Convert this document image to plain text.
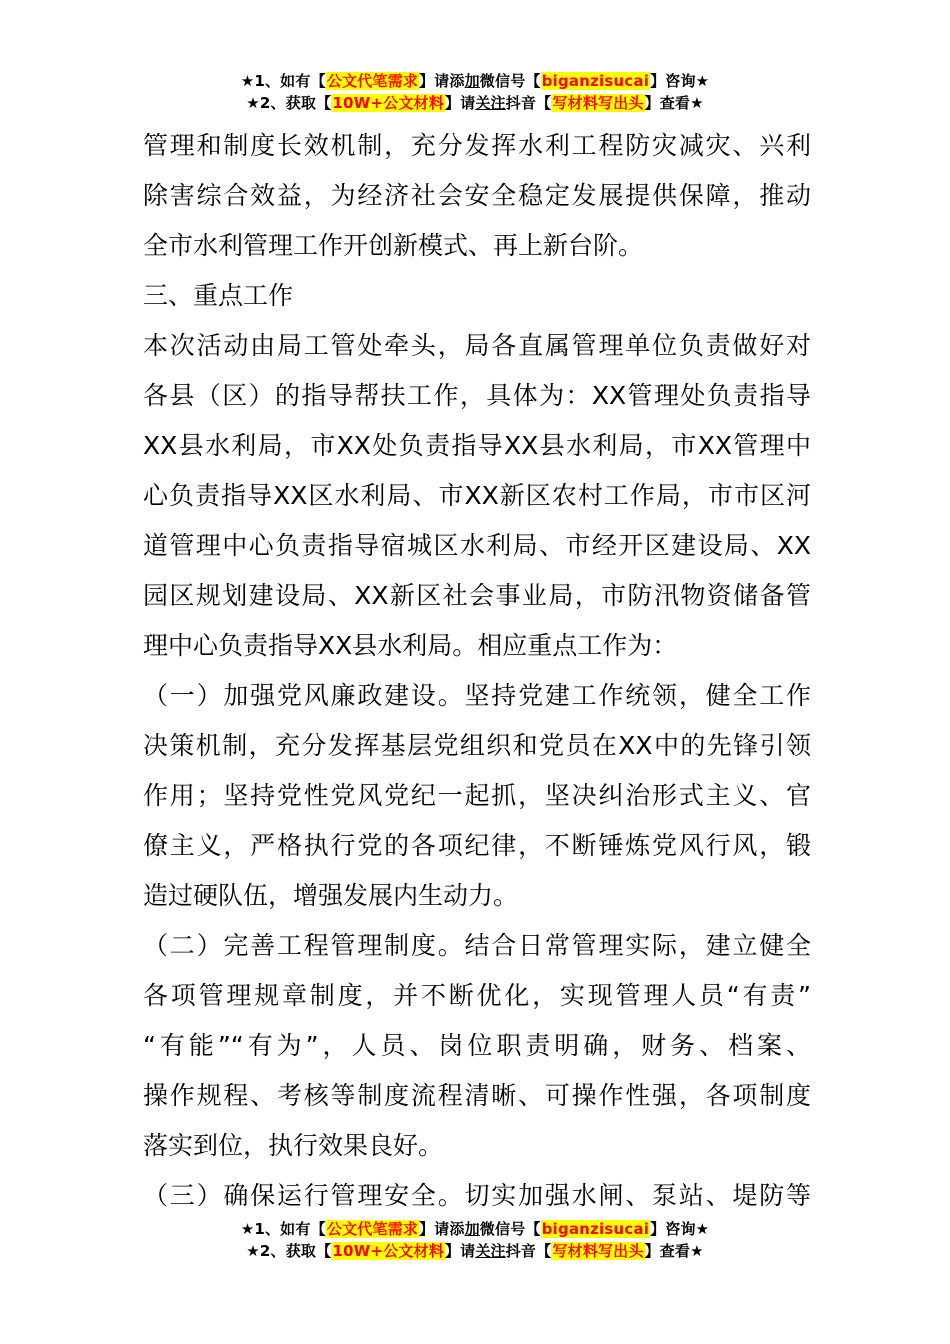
★1、如有【公文代笔需求】请添加微信号【biganzisucai】咨询★
★2、获取【10W+公文材料】请关注抖音【写材料写出头】查看★
管理和制度长效机制，充分发挥水利工程防灾减灾、兴利
除害综合效益，为经济社会安全稳定发展提供保障，推动
全市水利管理工作开创新模式、再上新台阶。
三、重点工作
本次活动由局工管处牵头，局各直属管理单位负责做好对
各县（区）的指导帮扶工作，具体为：XX管理处负责指导
XX县水利局，市XX处负责指导XX县水利局，市XX管理中
心负责指导XX区水利局、市XX新区农村工作局，市市区河
道管理中心负责指导宿城区水利局、市经开区建设局、XX
园区规划建设局、XX新区社会事业局，市防汛物资储备管
理中心负责指导XX县水利局。相应重点工作为：
（一）加强党风廉政建设。坚持党建工作统领，健全工作
决策机制，充分发挥基层党组织和党员在XX中的先锋引领
作用；坚持党性党风党纪一起抓，坚决纠治形式主义、官
僚主义，严格执行党的各项纪律，不断锤炼党风行风，锻
造过硬队伍，增强发展内生动力。
（二）完善工程管理制度。结合日常管理实际，建立健全
各项管理规章制度，并不断优化，实现管理人员“有责”
“有能”“有为”，人员、岗位职责明确，财务、档案、
操作规程、考核等制度流程清晰、可操作性强，各项制度
落实到位，执行效果良好。
（三）确保运行管理安全。切实加强水闸、泵站、堤防等
★1、如有【公文代笔需求】请添加微信号【biganzisucai】咨询★
★2、获取【10W+公文材料】请关注抖音【写材料写出头】查看★
